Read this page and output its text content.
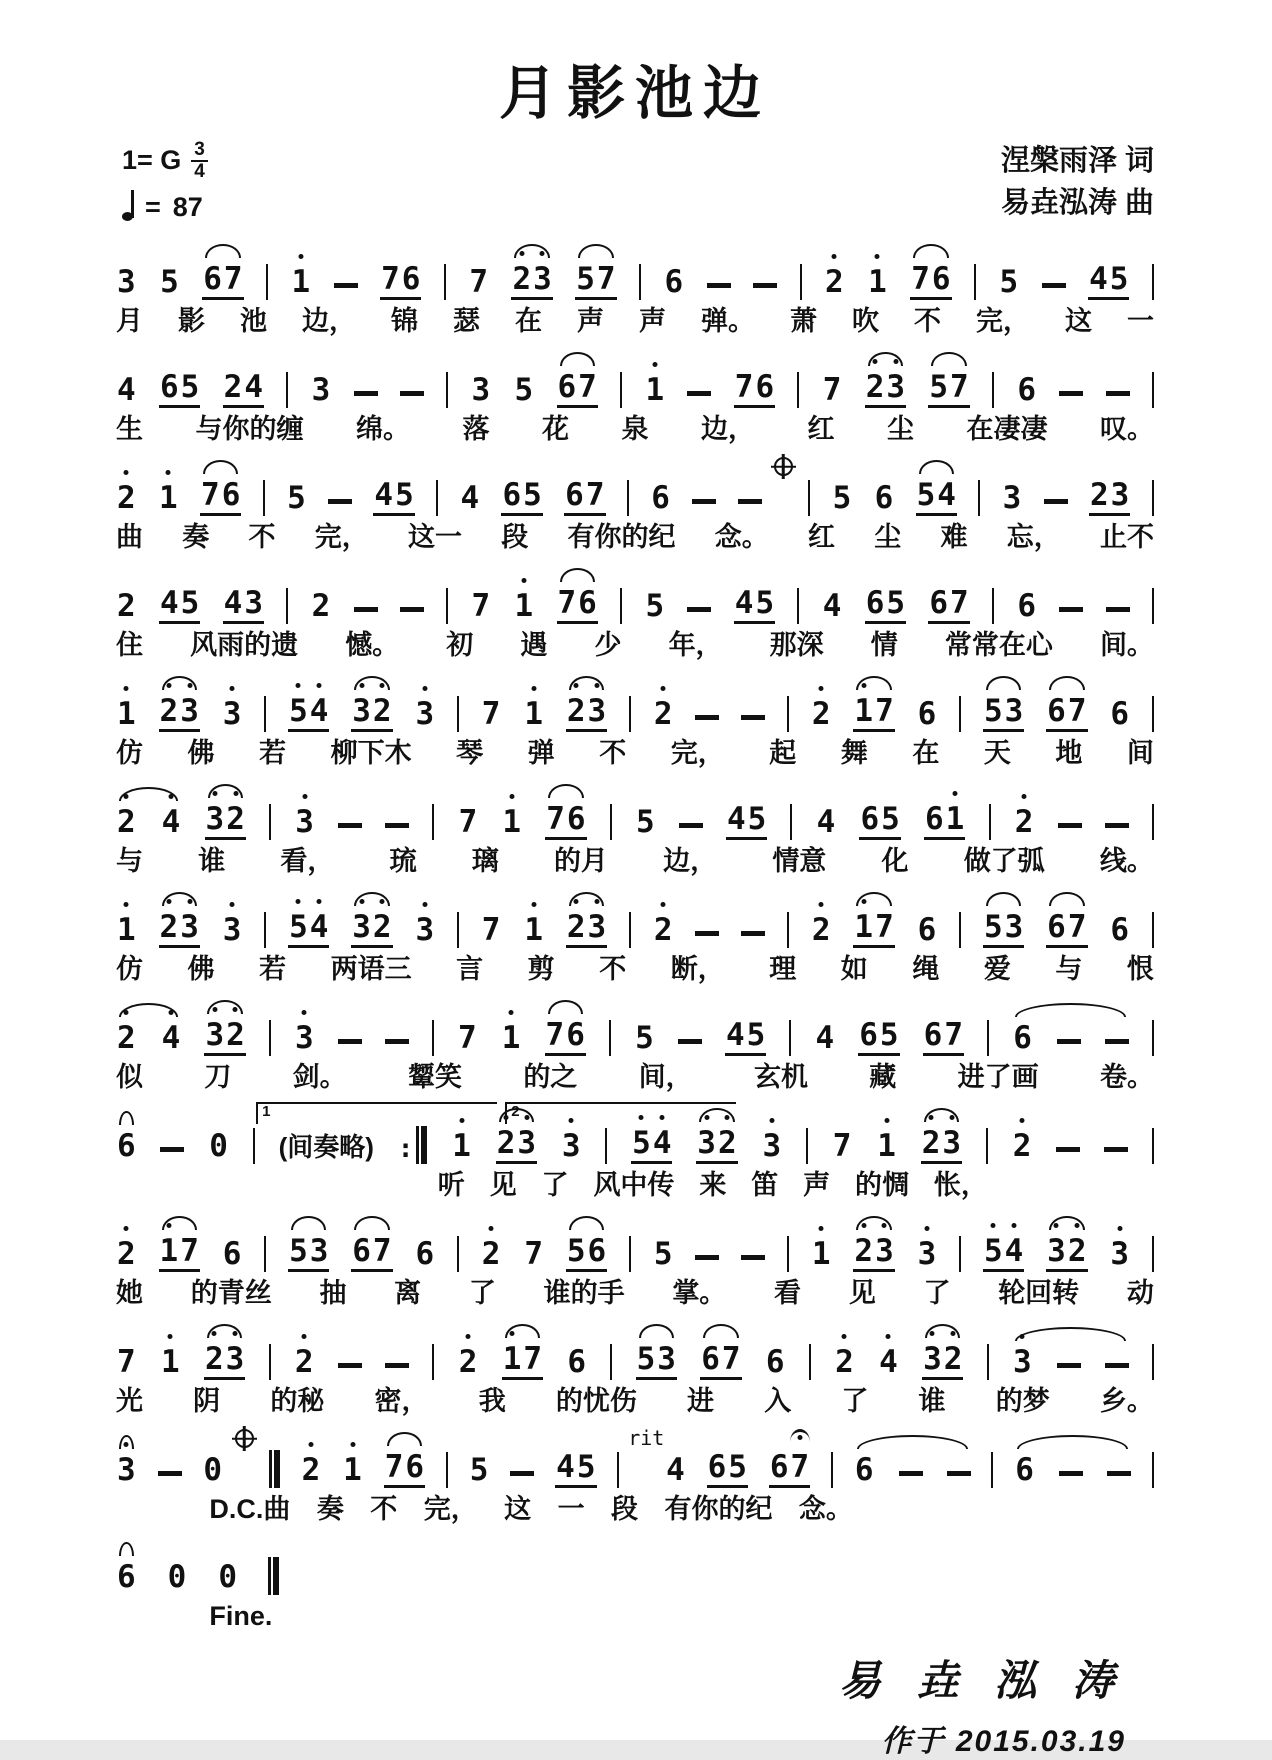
月影池边
1= G $\frac{3}{4}$
= 87
涅槃雨泽 词
易垚泓涛 曲
3 5 6 7 1 7 6 7 2 3 5 7 6	2 1 7 6 5 4 5
月 影 池 边， 锦 瑟 在 声 声 弹。 萧 吹 不 完， 这 一
4 6 5 2 4 3	3 5 6 7 1 7 6 7 2 3 5 7 6
生 与你的缠 绵。 落 花 泉 边， 红 尘 在凄凄 叹。
2 1 7 6 5 4 5 4 6 5 6 7 6	5 6 5 4 3 2 3
曲 奏 不 完， 这一 段 有你的纪 念。 红 尘 难 忘， 止不
2 4 5 4 3 2	7 1 7 6 5 4 5 4 6 5 6 7 6
住 风雨的遗 憾。 初 遇 少 年， 那深 情 常常在心 间。
1 2 3 3 5 4 3 2 3 7 1 2 3 2	2 1 7 6 5 3 6 7 6
仿 佛 若 柳下木 琴 弹 不 完， 起 舞 在 天 地 间
2 4 3 2 3	7 1 7 6 5 4 5 4 6 5 6 1 2
与 谁 看， 琉 璃 的月 边， 情意 化 做了弧 线。
1 2 3 3 5 4 3 2 3 7 1 2 3 2	2 1 7 6 5 3 6 7 6
仿 佛 若 两语三 言 剪 不 断， 理 如 绳 爱 与 恨
2 4 3 2 3	7 1 7 6 5 4 5 4 6 5 6 7 6
似 刀 剑。 颦笑 的之 间， 玄机 藏 进了画 卷。
6 0 (间奏略) : 1 2 3 3 5 4 3 2 3 7 1 2 3 2
1	2
听 见 了 风中传 来 笛 声 的惆 怅，
2 1 7 6 5 3 6 7 6 2 7 5 6 5	1 2 3 3 5 4 3 2 3
她 的青丝 抽 离 了 谁的手 掌。 看 见 了 轮回转 动
7 1 2 3 2	2 1 7 6 5 3 6 7 6 2 4 3 2 3
光 阴 的秘 密， 我 的忧伤 进 入 了 谁 的梦 乡。
3 0	2 1 7 6 5 4 5
rit
4 6 5 6 7 6	6
D.C.曲 奏 不 完， 这 一 段 有你的纪 念。
6 0 0
Fine.
易 垚 泓 涛
作于 2015.03.19
